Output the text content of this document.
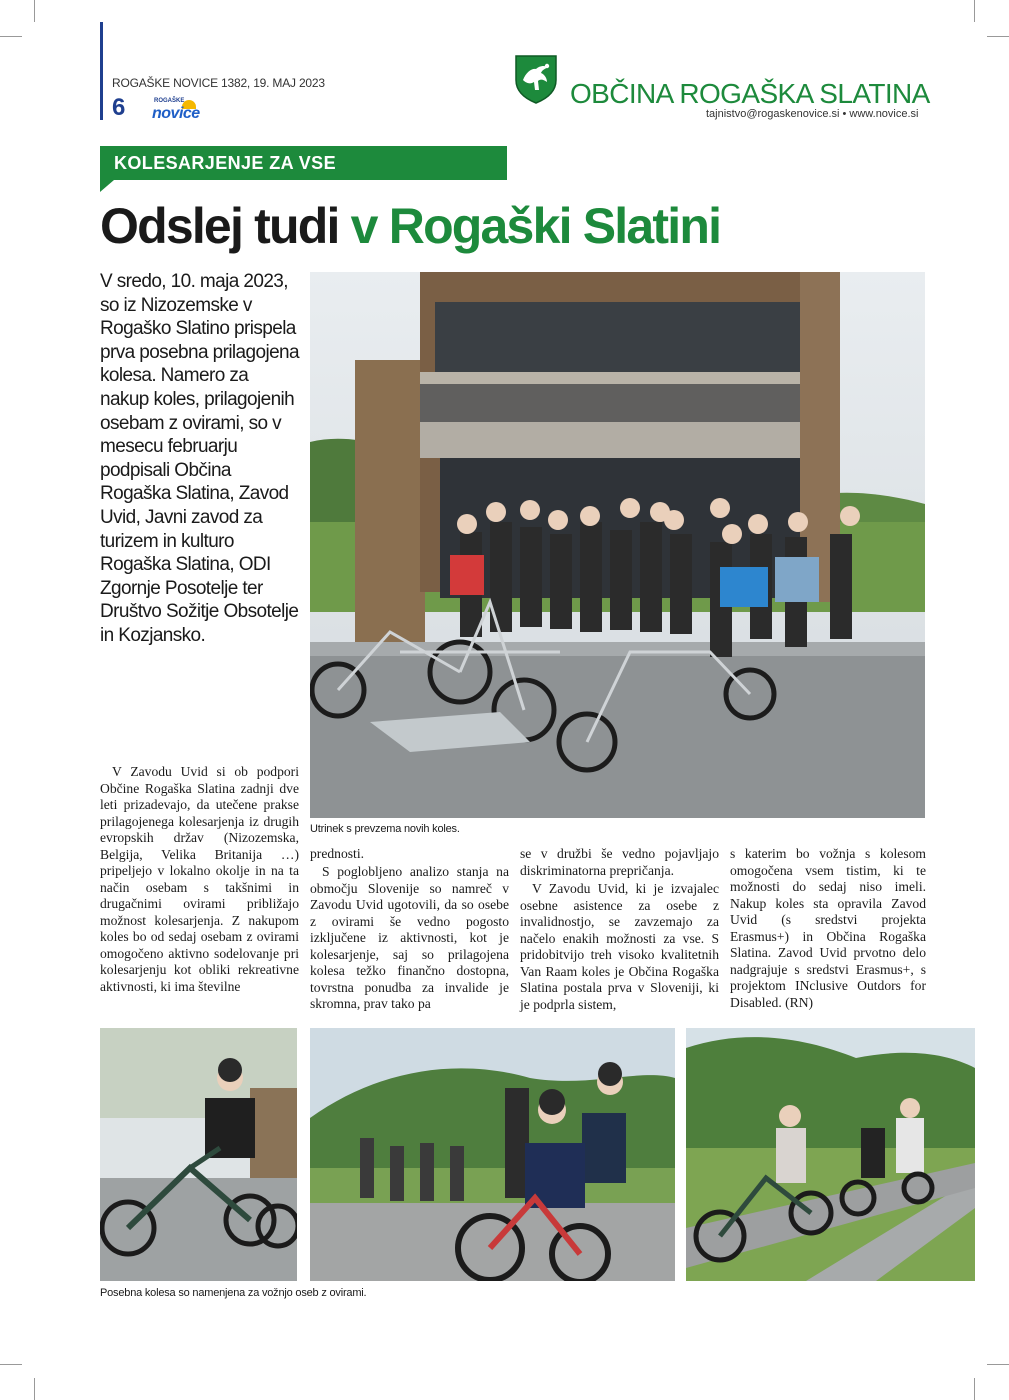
ROGAŠKE NOVICE 1382, 19. MAJ 2023
6	ROGAŠKE
novice
OBČINA ROGAŠKA SLATINA
tajnistvo@rogaskenovice.si • www.novice.si
KOLESARJENJE ZA VSE
Odslej tudi v Rogaški Slatini

V sredo, 10. maja 2023, so iz Nizozemske v Rogaško Slatino prispela prva posebna prilagojena kolesa. Namero za nakup koles, prilagojenih osebam z ovirami, so v mesecu februarju podpisali Občina Rogaška Slatina, Zavod Uvid, Javni zavod za turizem in kulturo Rogaška Slatina, ODI Zgornje Posotelje ter Društvo Sožitje Obsotelje in Kozjansko.

Utrinek s prevzema novih koles.

V Zavodu Uvid si ob podpori Občine Rogaška Slatina zadnji dve leti prizadevajo, da utečene prakse prilagojenega kolesarjenja iz drugih evropskih držav (Nizozemska, Belgija, Velika Britanija …) pripeljejo v lokalno okolje in na ta način osebam s takšnimi in drugačnimi ovirami približajo možnost kolesarjenja. Z nakupom koles bo od sedaj osebam z ovirami omogočeno aktivno sodelovanje pri kolesarjenju kot obliki rekreativne aktivnosti, ki ima številne

prednosti.

S poglobljeno analizo stanja na območju Slovenije so namreč v Zavodu Uvid ugotovili, da so osebe z ovirami še vedno pogosto izključene iz aktivnosti, kot je kolesarjenje, saj so prilagojena kolesa težko finančno dostopna, tovrstna ponudba za invalide je skromna, prav tako pa

se v družbi še vedno pojavljajo diskriminatorna prepričanja.

V Zavodu Uvid, ki je izvajalec osebne asistence za osebe z invalidnostjo, se zavzemajo za načelo enakih možnosti za vse. S pridobitvijo treh visoko kvalitetnih Van Raam koles je Občina Rogaška Slatina postala prva v Sloveniji, ki je podprla sistem,

s katerim bo vožnja s kolesom omogočena vsem tistim, ki te možnosti do sedaj niso imeli. Nakup koles sta opravila Zavod Uvid (s sredstvi projekta Erasmus+) in Občina Rogaška Slatina. Zavod Uvid prvotno delo nadgrajuje s sredstvi Erasmus+, s projektom INclusive Outdors for Disabled. (RN)

Posebna kolesa so namenjena za vožnjo oseb z ovirami.
